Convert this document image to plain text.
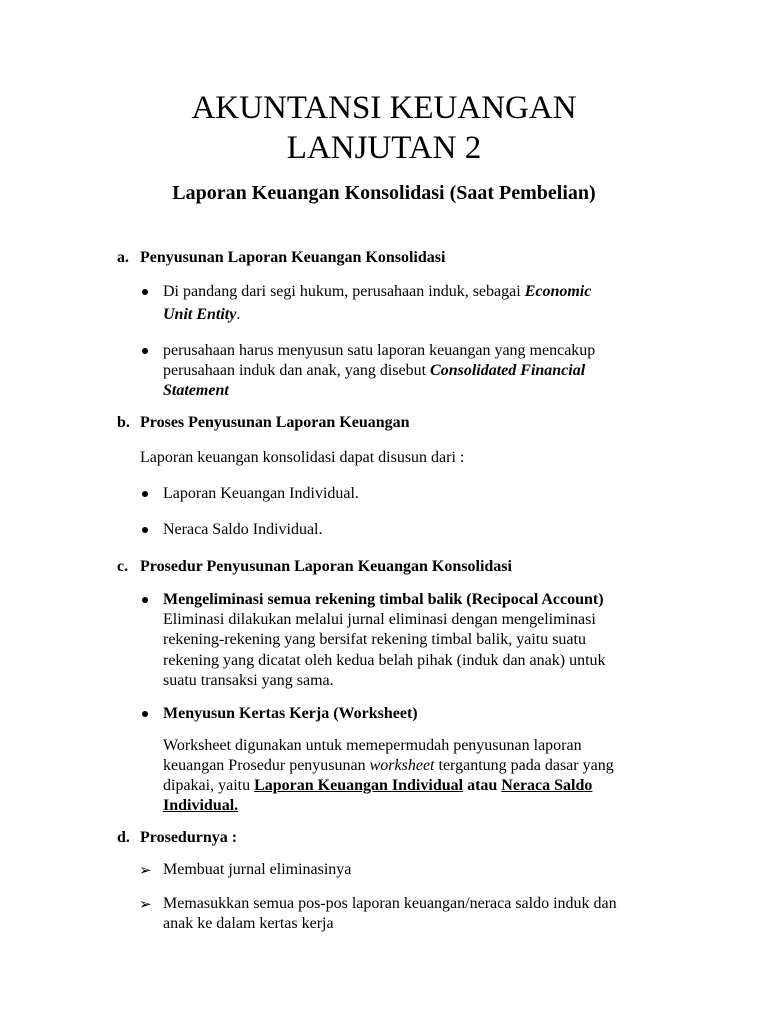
AKUNTANSI KEUANGAN
LANJUTAN 2
Laporan Keuangan Konsolidasi (Saat Pembelian)
a. Penyusunan Laporan Keuangan Konsolidasi
Di pandang dari segi hukum, perusahaan induk, sebagai Economic
Unit Entity.
perusahaan harus menyusun satu laporan keuangan yang mencakup
perusahaan induk dan anak, yang disebut Consolidated Financial
Statement
b. Proses Penyusunan Laporan Keuangan
Laporan keuangan konsolidasi dapat disusun dari :
Laporan Keuangan Individual.
Neraca Saldo Individual.
c. Prosedur Penyusunan Laporan Keuangan Konsolidasi
Mengeliminasi semua rekening timbal balik (Recipocal Account)
Eliminasi dilakukan melalui jurnal eliminasi dengan mengeliminasi
rekening-rekening yang bersifat rekening timbal balik, yaitu suatu
rekening yang dicatat oleh kedua belah pihak (induk dan anak) untuk
suatu transaksi yang sama.
Menyusun Kertas Kerja (Worksheet)
Worksheet digunakan untuk memepermudah penyusunan laporan
keuangan Prosedur penyusunan worksheet tergantung pada dasar yang
dipakai, yaitu Laporan Keuangan Individual atau Neraca Saldo
Individual.
d. Prosedurnya :
➢ Membuat jurnal eliminasinya
➢ Memasukkan semua pos-pos laporan keuangan/neraca saldo induk dan
anak ke dalam kertas kerja
